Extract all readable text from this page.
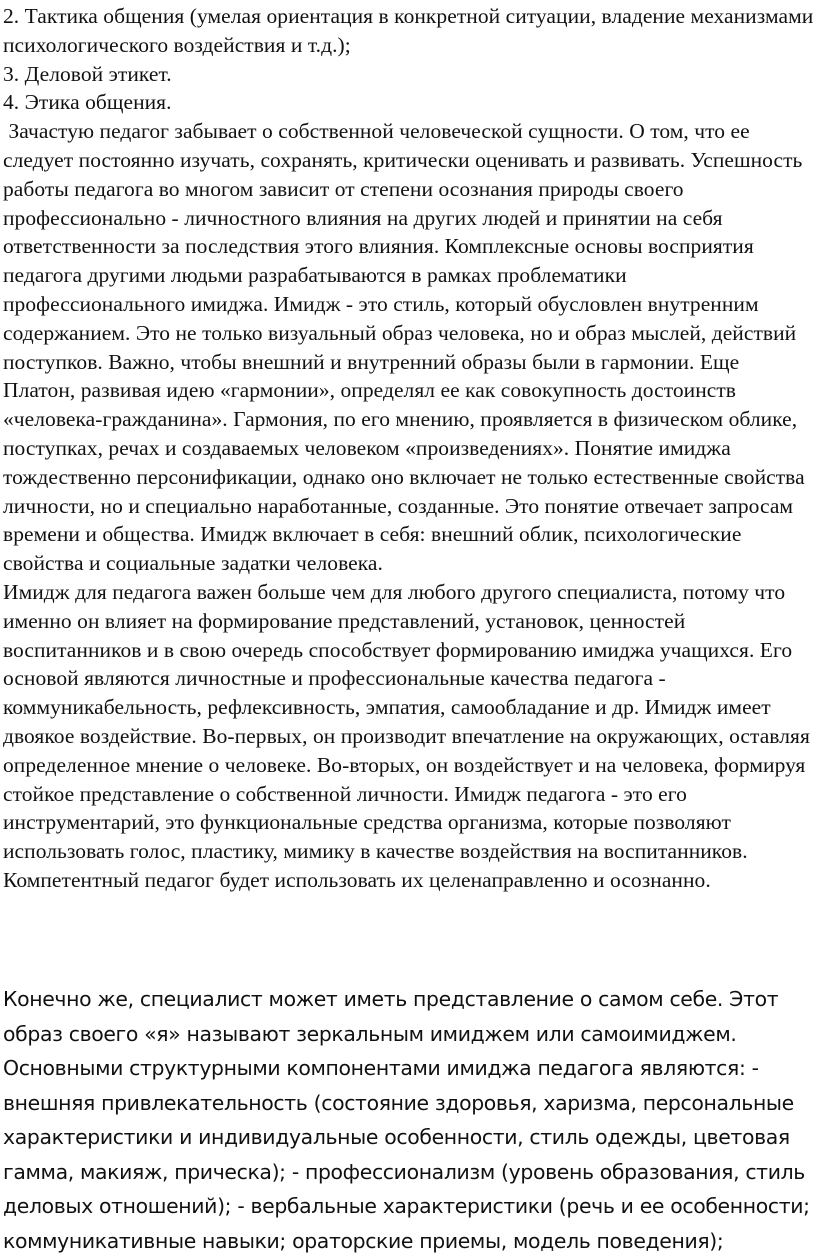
2. Тактика общения (умелая ориентация в конкретной ситуации, владение механизмами психологического воздействия и т.д.);

3. Деловой этикет.

4. Этика общения.

Зачастую педагог забывает о собственной человеческой сущности. О том, что ее следует постоянно изучать, сохранять, критически оценивать и развивать. Успешность работы педагога во многом зависит от степени осознания природы своего профессионально - личностного влияния на других людей и принятии на себя ответственности за последствия этого влияния. Комплексные основы восприятия педагога другими людьми разрабатываются в рамках проблематики профессионального имиджа. Имидж - это стиль, который обусловлен внутренним содержанием. Это не только визуальный образ человека, но и образ мыслей, действий поступков. Важно, чтобы внешний и внутренний образы были в гармонии. Еще Платон, развивая идею «гармонии», определял ее как совокупность достоинств «человека-гражданина». Гармония, по его мнению, проявляется в физическом облике, поступках, речах и создаваемых человеком «произведениях». Понятие имиджа тождественно персонификации, однако оно включает не только естественные свойства личности, но и специально наработанные, созданные. Это понятие отвечает запросам времени и общества. Имидж включает в себя: внешний облик, психологические свойства и социальные задатки человека.

Имидж для педагога важен больше чем для любого другого специалиста, потому что именно он влияет на формирование представлений, установок, ценностей воспитанников и в свою очередь способствует формированию имиджа учащихся. Его основой являются личностные и профессиональные качества педагога - коммуникабельность, рефлексивность, эмпатия, самообладание и др. Имидж имеет двоякое воздействие. Во-первых, он производит впечатление на окружающих, оставляя определенное мнение о человеке. Во-вторых, он воздействует и на человека, формируя стойкое представление о собственной личности. Имидж педагога - это его инструментарий, это функциональные средства организма, которые позволяют использовать голос, пластику, мимику в качестве воздействия на воспитанников. Компетентный педагог будет использовать их целенаправленно и осознанно.

Конечно же, специалист может иметь представление о самом себе. Этот образ своего «я» называют зеркальным имиджем или самоимиджем. Основными структурными компонентами имиджа педагога являются: - внешняя привлекательность (состояние здоровья, харизма, персональные характеристики и индивидуальные особенности, стиль одежды, цветовая гамма, макияж, прическа); - профессионализм (уровень образования, стиль деловых отношений); - вербальные характеристики (речь и ее особенности; коммуникативные навыки; ораторские приемы, модель поведения);
